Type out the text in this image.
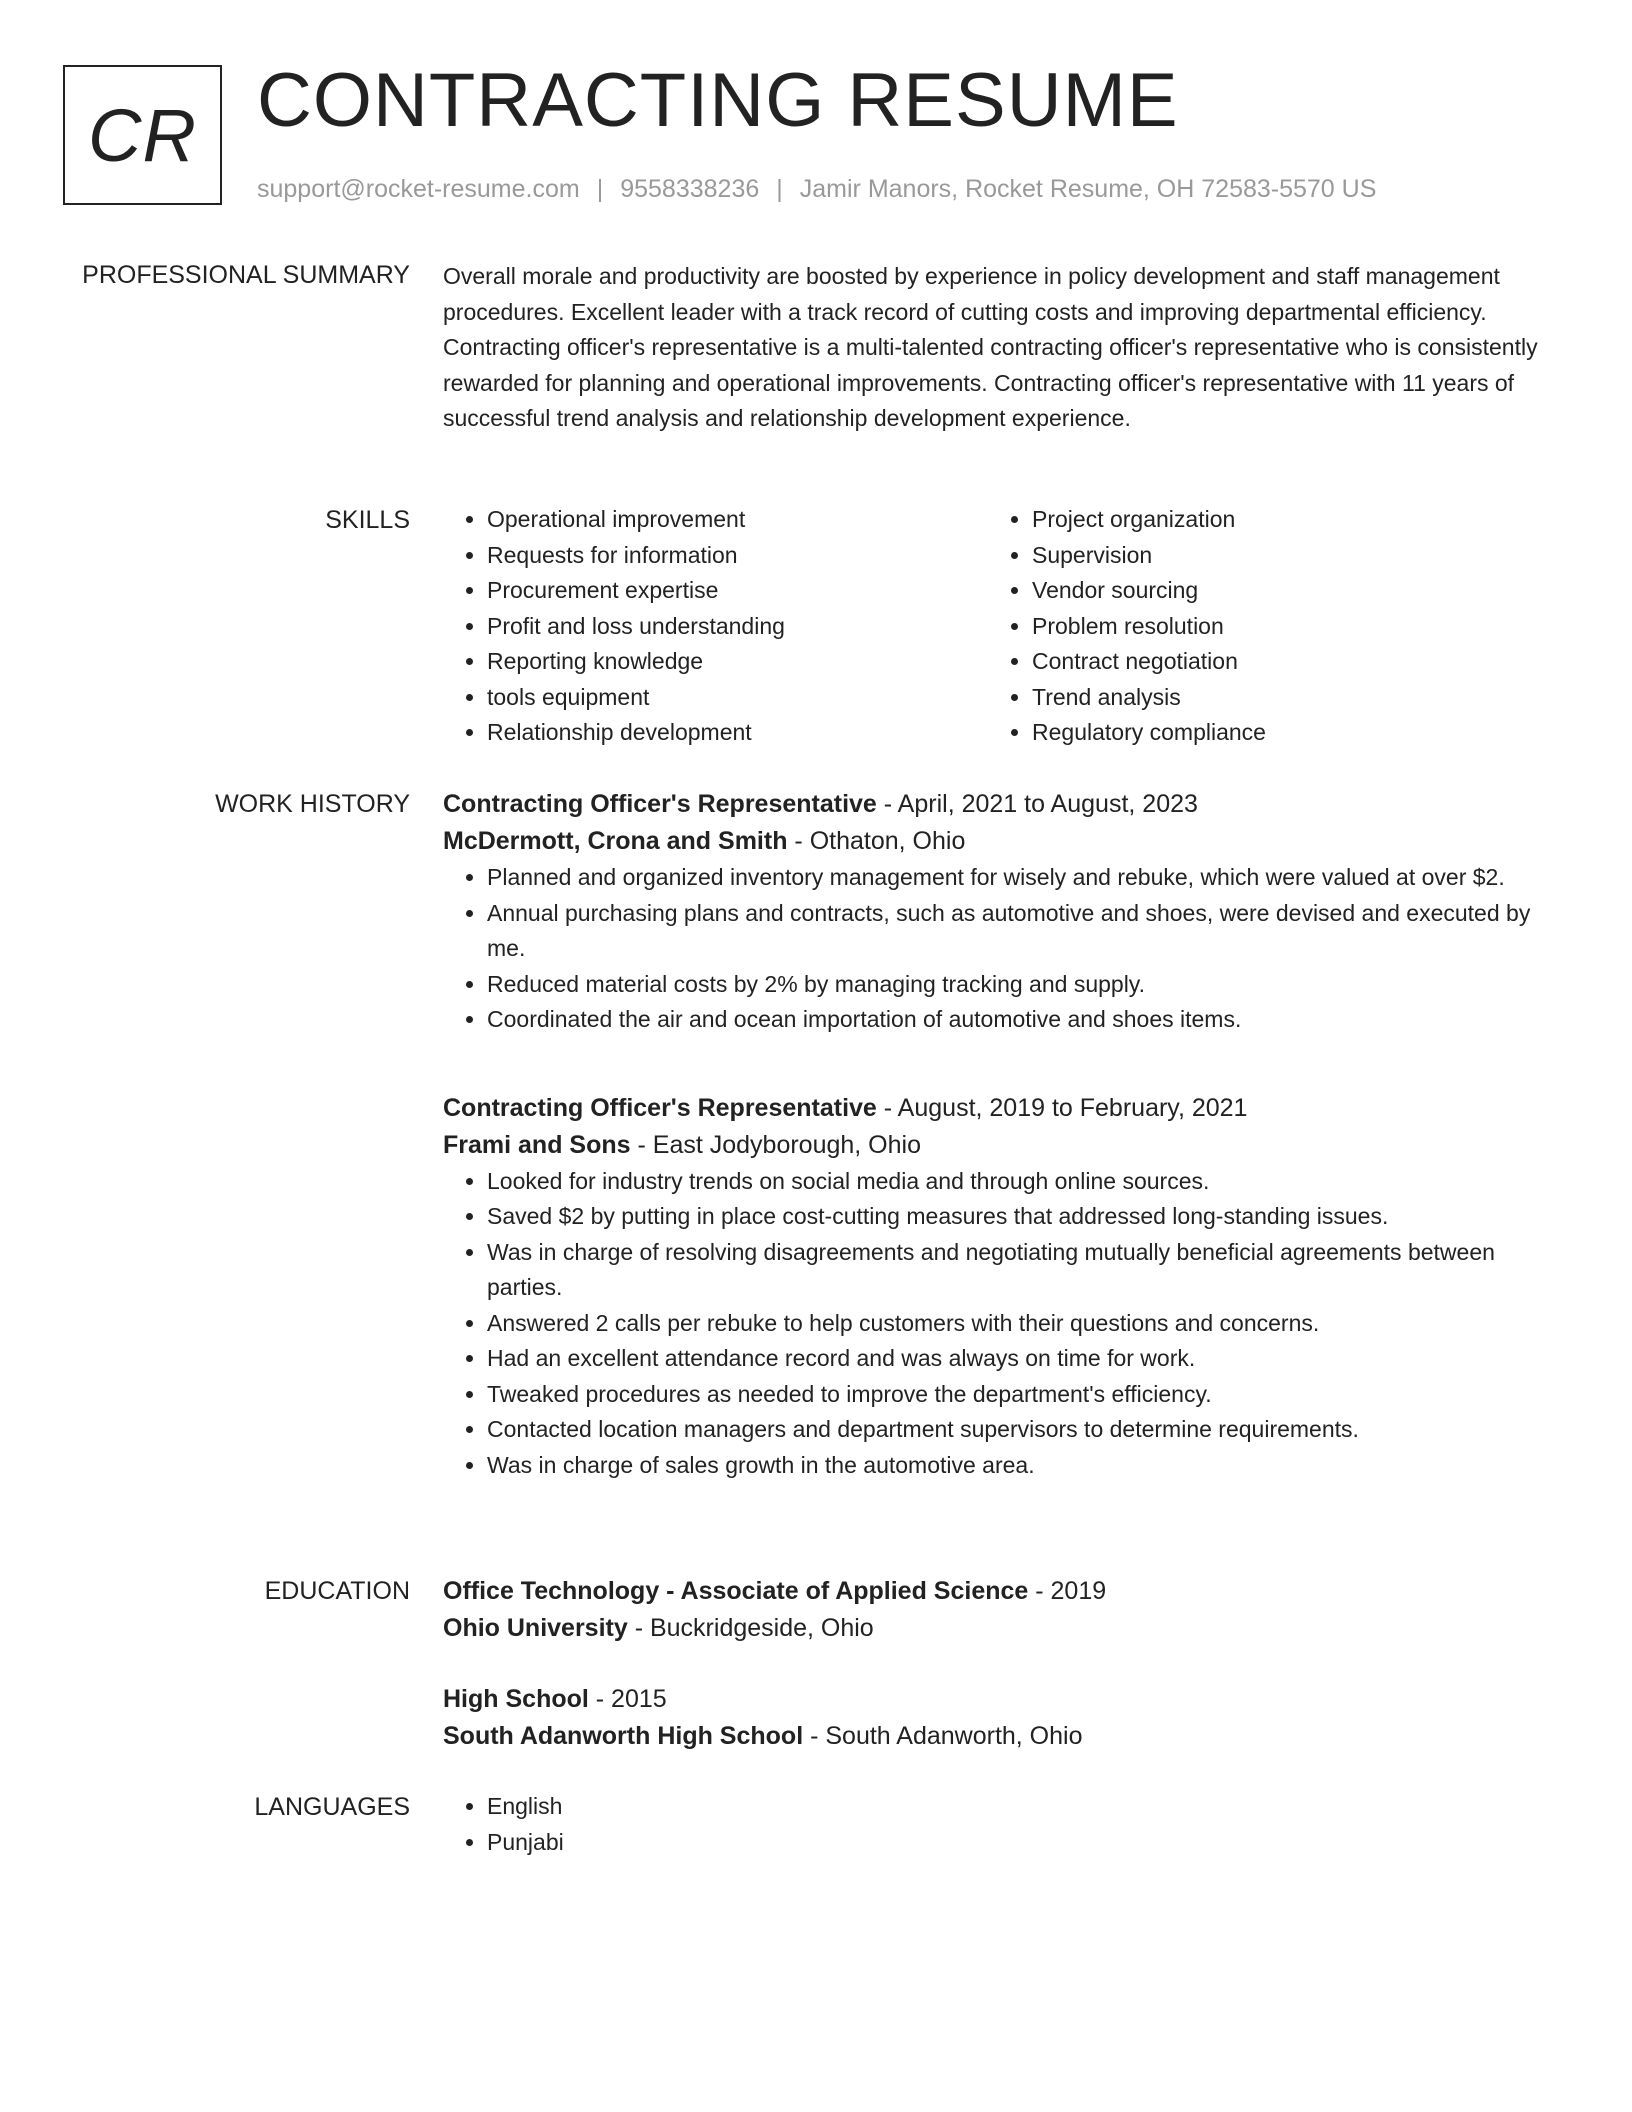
CR CONTRACTING RESUME
support@rocket-resume.com | 9558338236 | Jamir Manors, Rocket Resume, OH 72583-5570 US
PROFESSIONAL SUMMARY Overall morale and productivity are boosted by experience in policy development and staff management procedures. Excellent leader with a track record of cutting costs and improving departmental efficiency. Contracting officer's representative is a multi-talented contracting officer's representative who is consistently rewarded for planning and operational improvements. Contracting officer's representative with 11 years of successful trend analysis and relationship development experience.

SKILLS	• Operational improvement
• Requests for information
• Procurement expertise
• Profit and loss understanding
• Reporting knowledge
• tools equipment
• Relationship development
• Project organization
• Supervision
• Vendor sourcing
• Problem resolution
• Contract negotiation
• Trend analysis
• Regulatory compliance
WORK HISTORY Contracting Officer's Representative - April, 2021 to August, 2023
McDermott, Crona and Smith - Othaton, Ohio
• Planned and organized inventory management for wisely and rebuke, which were valued at over $2.
• Annual purchasing plans and contracts, such as automotive and shoes, were devised and executed by me.
• Reduced material costs by 2% by managing tracking and supply.
• Coordinated the air and ocean importation of automotive and shoes items.
Contracting Officer's Representative - August, 2019 to February, 2021
Frami and Sons - East Jodyborough, Ohio
• Looked for industry trends on social media and through online sources.
• Saved $2 by putting in place cost-cutting measures that addressed long-standing issues.
• Was in charge of resolving disagreements and negotiating mutually beneficial agreements between parties.
• Answered 2 calls per rebuke to help customers with their questions and concerns.
• Had an excellent attendance record and was always on time for work.
• Tweaked procedures as needed to improve the department's efficiency.
• Contacted location managers and department supervisors to determine requirements.
• Was in charge of sales growth in the automotive area.
EDUCATION Office Technology - Associate of Applied Science - 2019
Ohio University - Buckridgeside, Ohio
High School - 2015
South Adanworth High School - South Adanworth, Ohio
LANGUAGES	• English
• Punjabi
